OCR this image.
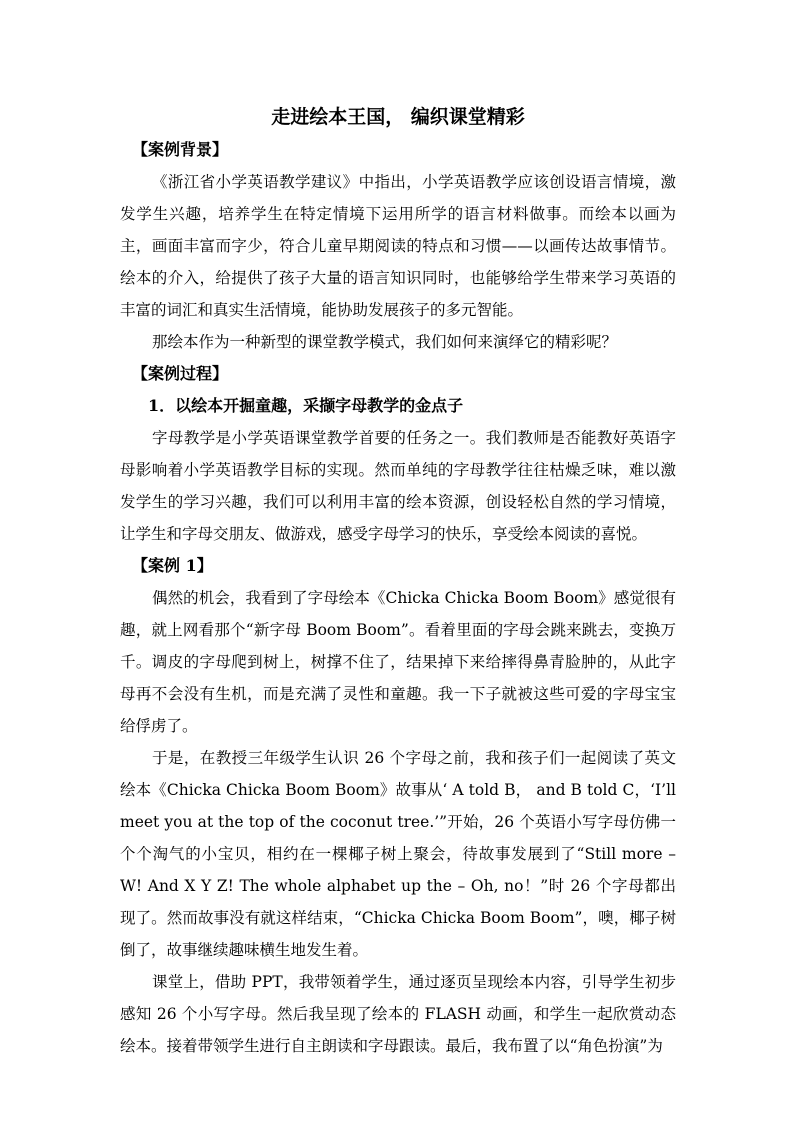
走进绘本王国， 编织课堂精彩

【案例背景】

《浙江省小学英语教学建议》中指出，小学英语教学应该创设语言情境，激发学生兴趣，培养学生在特定情境下运用所学的语言材料做事。而绘本以画为主，画面丰富而字少，符合儿童早期阅读的特点和习惯——以画传达故事情节。绘本的介入，给提供了孩子大量的语言知识同时，也能够给学生带来学习英语的丰富的词汇和真实生活情境，能协助发展孩子的多元智能。

那绘本作为一种新型的课堂教学模式，我们如何来演绎它的精彩呢？

【案例过程】

1．以绘本开掘童趣，采撷字母教学的金点子

字母教学是小学英语课堂教学首要的任务之一。我们教师是否能教好英语字母影响着小学英语教学目标的实现。然而单纯的字母教学往往枯燥乏味，难以激发学生的学习兴趣，我们可以利用丰富的绘本资源，创设轻松自然的学习情境，让学生和字母交朋友、做游戏，感受字母学习的快乐，享受绘本阅读的喜悦。

【案例 1】

偶然的机会，我看到了字母绘本《Chicka Chicka Boom Boom》感觉很有趣，就上网看那个“新字母 Boom Boom”。看着里面的字母会跳来跳去，变换万千。调皮的字母爬到树上，树撑不住了，结果掉下来给摔得鼻青脸肿的，从此字母再不会没有生机，而是充满了灵性和童趣。我一下子就被这些可爱的字母宝宝给俘虏了。

于是，在教授三年级学生认识 26 个字母之前，我和孩子们一起阅读了英文绘本《Chicka Chicka Boom Boom》故事从‘ A told B， and B told C，‘I’ll meet you at the top of the coconut tree.’”开始，26 个英语小写字母仿佛一个个淘气的小宝贝，相约在一棵椰子树上聚会，待故事发展到了“Still more – W! And X Y Z! The whole alphabet up the – Oh, no！”时 26 个字母都出现了。然而故事没有就这样结束，“Chicka Chicka Boom Boom”，噢，椰子树倒了，故事继续趣味横生地发生着。

课堂上，借助 PPT，我带领着学生，通过逐页呈现绘本内容，引导学生初步感知 26 个小写字母。然后我呈现了绘本的 FLASH 动画，和学生一起欣赏动态绘本。接着带领学生进行自主朗读和字母跟读。最后，我布置了以“角色扮演”为
